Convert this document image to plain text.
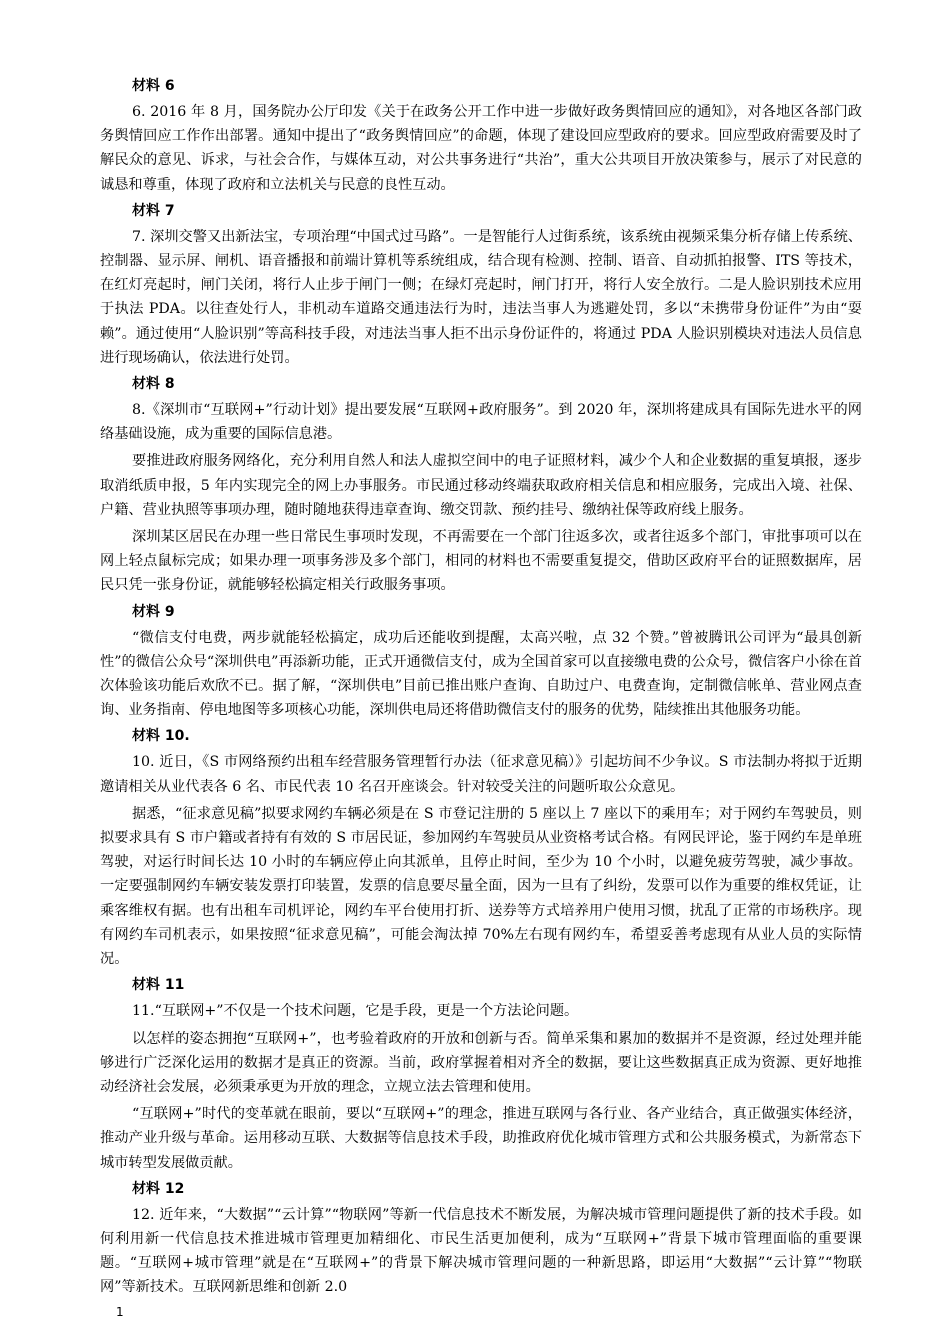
材料 6

6. 2016 年 8 月，国务院办公厅印发《关于在政务公开工作中进一步做好政务舆情回应的通知》，对各地区各部门政务舆情回应工作作出部署。通知中提出了“政务舆情回应”的命题，体现了建设回应型政府的要求。回应型政府需要及时了解民众的意见、诉求，与社会合作，与媒体互动，对公共事务进行“共治”，重大公共项目开放决策参与，展示了对民意的诚恳和尊重，体现了政府和立法机关与民意的良性互动。

材料 7

7. 深圳交警又出新法宝，专项治理“中国式过马路”。一是智能行人过街系统，该系统由视频采集分析存储上传系统、控制器、显示屏、闸机、语音播报和前端计算机等系统组成，结合现有检测、控制、语音、自动抓拍报警、ITS 等技术，在红灯亮起时，闸门关闭，将行人止步于闸门一侧；在绿灯亮起时，闸门打开，将行人安全放行。二是人脸识别技术应用于执法 PDA。以往查处行人，非机动车道路交通违法行为时，违法当事人为逃避处罚，多以“未携带身份证件”为由“耍赖”。通过使用“人脸识别”等高科技手段，对违法当事人拒不出示身份证件的，将通过 PDA 人脸识别模块对违法人员信息进行现场确认，依法进行处罚。

材料 8

8.《深圳市“互联网+”行动计划》提出要发展“互联网+政府服务”。到 2020 年，深圳将建成具有国际先进水平的网络基础设施，成为重要的国际信息港。

要推进政府服务网络化，充分利用自然人和法人虚拟空间中的电子证照材料，减少个人和企业数据的重复填报，逐步取消纸质申报，5 年内实现完全的网上办事服务。市民通过移动终端获取政府相关信息和相应服务，完成出入境、社保、户籍、营业执照等事项办理，随时随地获得违章查询、缴交罚款、预约挂号、缴纳社保等政府线上服务。

深圳某区居民在办理一些日常民生事项时发现，不再需要在一个部门往返多次，或者往返多个部门，审批事项可以在网上轻点鼠标完成；如果办理一项事务涉及多个部门，相同的材料也不需要重复提交，借助区政府平台的证照数据库，居民只凭一张身份证，就能够轻松搞定相关行政服务事项。

材料 9

“微信支付电费，两步就能轻松搞定，成功后还能收到提醒，太高兴啦，点 32 个赞。”曾被腾讯公司评为“最具创新性”的微信公众号“深圳供电”再添新功能，正式开通微信支付，成为全国首家可以直接缴电费的公众号，微信客户小徐在首次体验该功能后欢欣不已。据了解，“深圳供电”目前已推出账户查询、自助过户、电费查询，定制微信帐单、营业网点查询、业务指南、停电地图等多项核心功能，深圳供电局还将借助微信支付的服务的优势，陆续推出其他服务功能。

材料 10.

10. 近日，《S 市网络预约出租车经营服务管理暂行办法（征求意见稿）》引起坊间不少争议。S 市法制办将拟于近期邀请相关从业代表各 6 名、市民代表 10 名召开座谈会。针对较受关注的问题听取公众意见。

据悉，“征求意见稿”拟要求网约车辆必须是在 S 市登记注册的 5 座以上 7 座以下的乘用车；对于网约车驾驶员，则拟要求具有 S 市户籍或者持有有效的 S 市居民证，参加网约车驾驶员从业资格考试合格。有网民评论，鉴于网约车是单班驾驶，对运行时间长达 10 小时的车辆应停止向其派单，且停止时间，至少为 10 个小时，以避免疲劳驾驶，减少事故。一定要强制网约车辆安装发票打印装置，发票的信息要尽量全面，因为一旦有了纠纷，发票可以作为重要的维权凭证，让乘客维权有据。也有出租车司机评论，网约车平台使用打折、送券等方式培养用户使用习惯，扰乱了正常的市场秩序。现有网约车司机表示，如果按照“征求意见稿”，可能会淘汰掉 70%左右现有网约车，希望妥善考虑现有从业人员的实际情况。

材料 11

11.“互联网+”不仅是一个技术问题，它是手段，更是一个方法论问题。

以怎样的姿态拥抱“互联网+”，也考验着政府的开放和创新与否。简单采集和累加的数据并不是资源，经过处理并能够进行广泛深化运用的数据才是真正的资源。当前，政府掌握着相对齐全的数据，要让这些数据真正成为资源、更好地推动经济社会发展，必须秉承更为开放的理念，立规立法去管理和使用。

“互联网+”时代的变革就在眼前，要以“互联网+”的理念，推进互联网与各行业、各产业结合，真正做强实体经济，推动产业升级与革命。运用移动互联、大数据等信息技术手段，助推政府优化城市管理方式和公共服务模式，为新常态下城市转型发展做贡献。

材料 12

12. 近年来，“大数据”“云计算”“物联网”等新一代信息技术不断发展，为解决城市管理问题提供了新的技术手段。如何利用新一代信息技术推进城市管理更加精细化、市民生活更加便利，成为“互联网+”背景下城市管理面临的重要课题。“互联网+城市管理”就是在“互联网+”的背景下解决城市管理问题的一种新思路，即运用“大数据”“云计算”“物联网”等新技术。互联网新思维和创新 2.0

1
